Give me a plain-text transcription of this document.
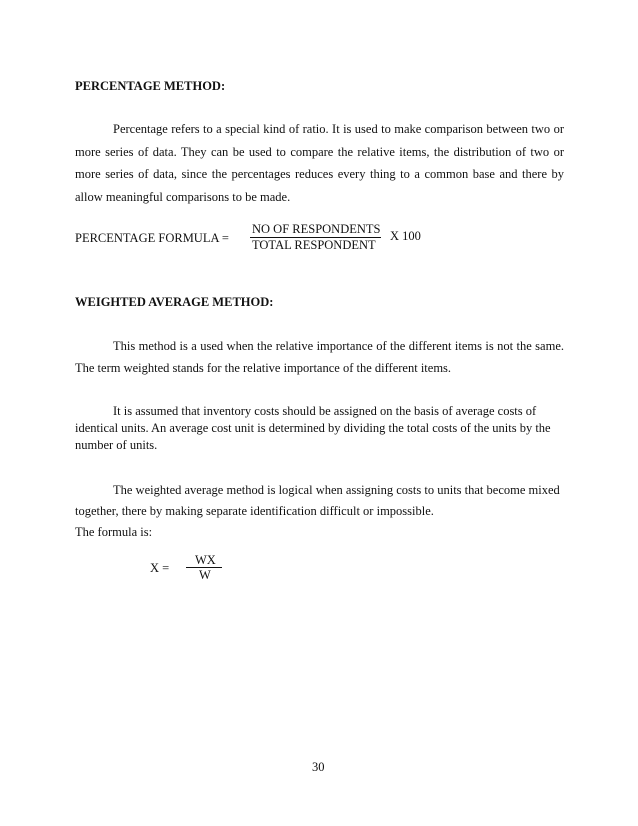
PERCENTAGE METHOD:
Percentage refers to a special kind of ratio. It is used to make comparison between two or
more series of data. They can be used to compare the relative items, the distribution of two or
more series of data, since the percentages reduces every thing to a common base and there by
allow meaningful comparisons to be made.
PERCENTAGE FORMULA =
NO OF RESPONDENTS
TOTAL RESPONDENT
X 100
WEIGHTED AVERAGE METHOD:
This method is a used when the relative importance of the different items is not the same.
The term weighted stands for the relative importance of the different items.
It is assumed that inventory costs should be assigned on the basis of average costs of
identical units. An average cost unit is determined by dividing the total costs of the units by the
number of units.
The weighted average method is logical when assigning costs to units that become mixed
together, there by making separate identification difficult or impossible.
The formula is:
X =
WX
W
30
